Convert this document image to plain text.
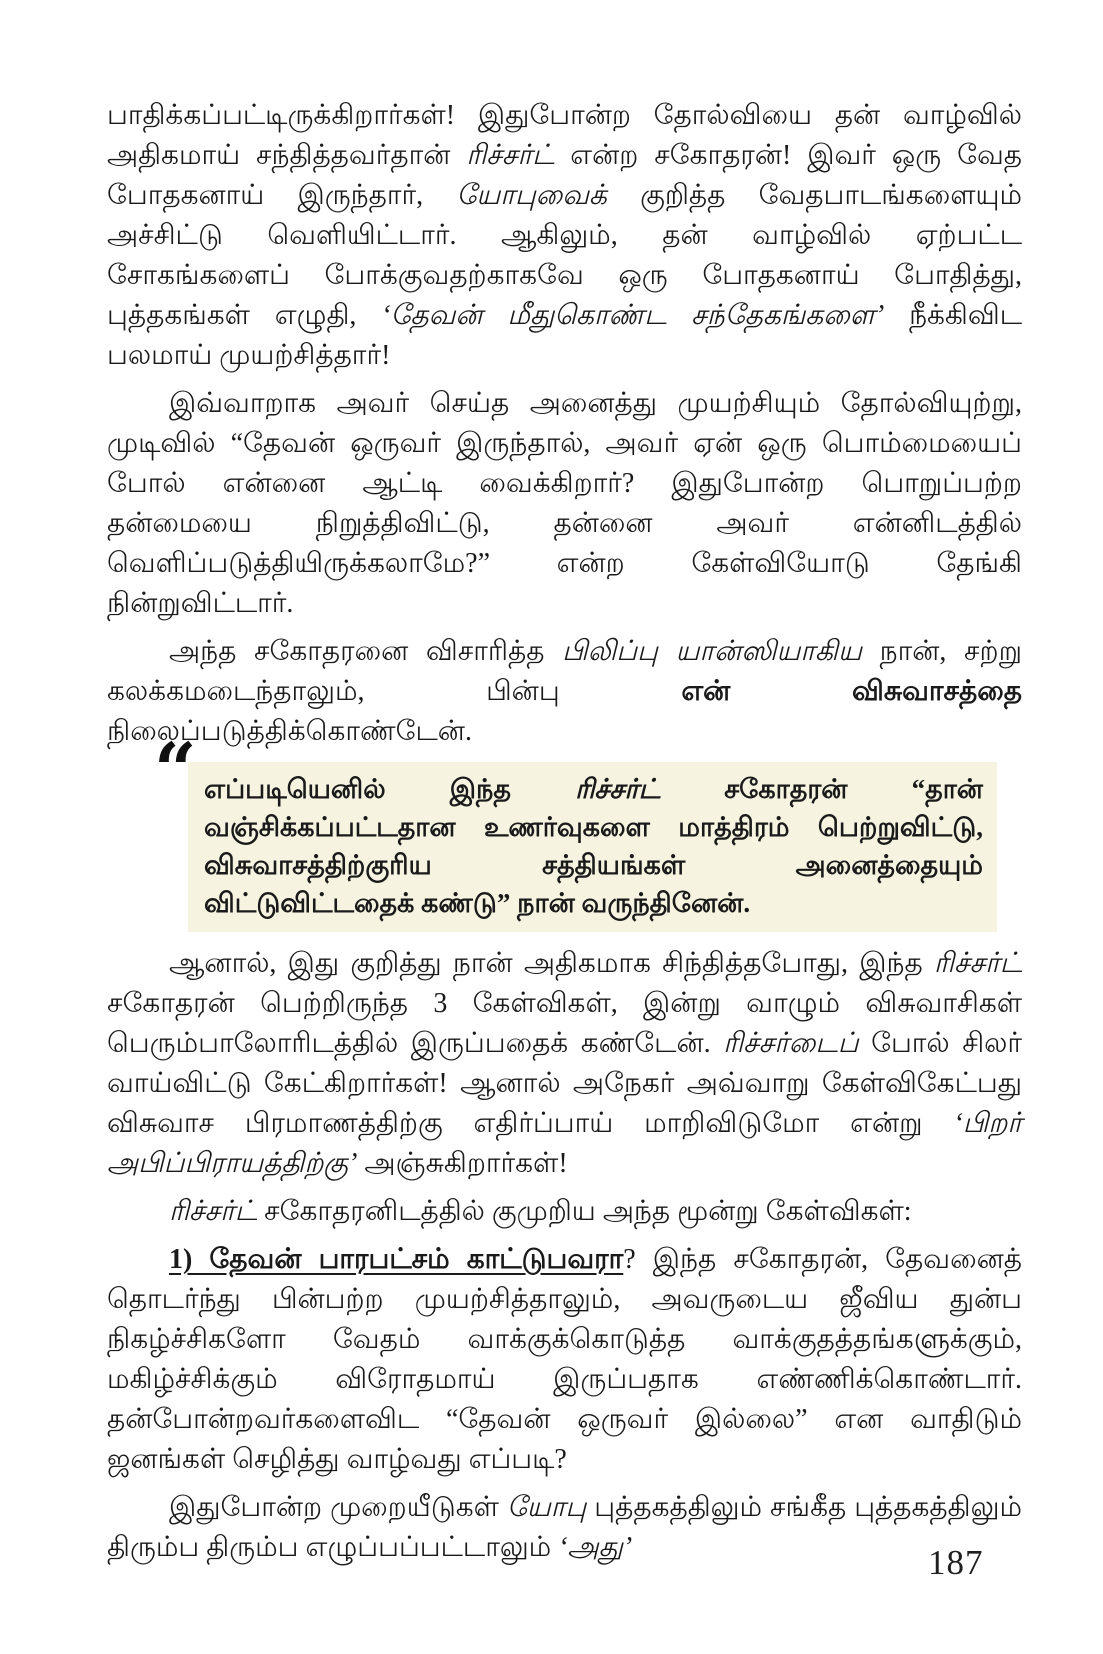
பாதிக்கப்பட்டிருக்கிறார்கள்! இதுபோன்ற தோல்வியை தன் வாழ்வில் அதிகமாய் சந்தித்தவர்தான் ரிச்சர்ட் என்ற சகோதரன்! இவர் ஒரு வேத போதகனாய் இருந்தார், யோபுவைக் குறித்த வேதபாடங்களையும் அச்சிட்டு வெளியிட்டார். ஆகிலும், தன் வாழ்வில் ஏற்பட்ட சோகங்களைப் போக்குவதற்காகவே ஒரு போதகனாய் போதித்து, புத்தகங்கள் எழுதி, ‘தேவன் மீதுகொண்ட சந்தேகங்களை’ நீக்கிவிட பலமாய் முயற்சித்தார்!

இவ்வாறாக அவர் செய்த அனைத்து முயற்சியும் தோல்வியுற்று, முடிவில் “தேவன் ஒருவர் இருந்தால், அவர் ஏன் ஒரு பொம்மையைப் போல் என்னை ஆட்டி வைக்கிறார்? இதுபோன்ற பொறுப்பற்ற தன்மையை நிறுத்திவிட்டு, தன்னை அவர் என்னிடத்தில் வெளிப்படுத்தியிருக்கலாமே?” என்ற கேள்வியோடு தேங்கி நின்றுவிட்டார்.

அந்த சகோதரனை விசாரித்த பிலிப்பு யான்ஸியாகிய நான், சற்று கலக்கமடைந்தாலும், பின்பு என் விசுவாசத்தை நிலைப்படுத்திக்கொண்டேன்.

“ எப்படியெனில் இந்த ரிச்சர்ட் சகோதரன் “தான் வஞ்சிக்கப்பட்டதான உணர்வுகளை மாத்திரம் பெற்றுவிட்டு, விசுவாசத்திற்குரிய சத்தியங்கள் அனைத்தையும் விட்டுவிட்டதைக் கண்டு” நான் வருந்தினேன்.

ஆனால், இது குறித்து நான் அதிகமாக சிந்தித்தபோது, இந்த ரிச்சர்ட் சகோதரன் பெற்றிருந்த 3 கேள்விகள், இன்று வாழும் விசுவாசிகள் பெரும்பாலோரிடத்தில் இருப்பதைக் கண்டேன். ரிச்சர்டைப் போல் சிலர் வாய்விட்டு கேட்கிறார்கள்! ஆனால் அநேகர் அவ்வாறு கேள்விகேட்பது விசுவாச பிரமாணத்திற்கு எதிர்ப்பாய் மாறிவிடுமோ என்று ‘பிறர் அபிப்பிராயத்திற்கு’ அஞ்சுகிறார்கள்!

ரிச்சர்ட் சகோதரனிடத்தில் குமுறிய அந்த மூன்று கேள்விகள்:

1) தேவன் பாரபட்சம் காட்டுபவரா? இந்த சகோதரன், தேவனைத் தொடர்ந்து பின்பற்ற முயற்சித்தாலும், அவருடைய ஜீவிய துன்ப நிகழ்ச்சிகளோ வேதம் வாக்குக்கொடுத்த வாக்குதத்தங்களுக்கும், மகிழ்ச்சிக்கும் விரோதமாய் இருப்பதாக எண்ணிக்கொண்டார். தன்போன்றவர்களைவிட “தேவன் ஒருவர் இல்லை” என வாதிடும் ஜனங்கள் செழித்து வாழ்வது எப்படி?

இதுபோன்ற முறையீடுகள் யோபு புத்தகத்திலும் சங்கீத புத்தகத்திலும் திரும்ப திரும்ப எழுப்பப்பட்டாலும் ‘அது’	187
